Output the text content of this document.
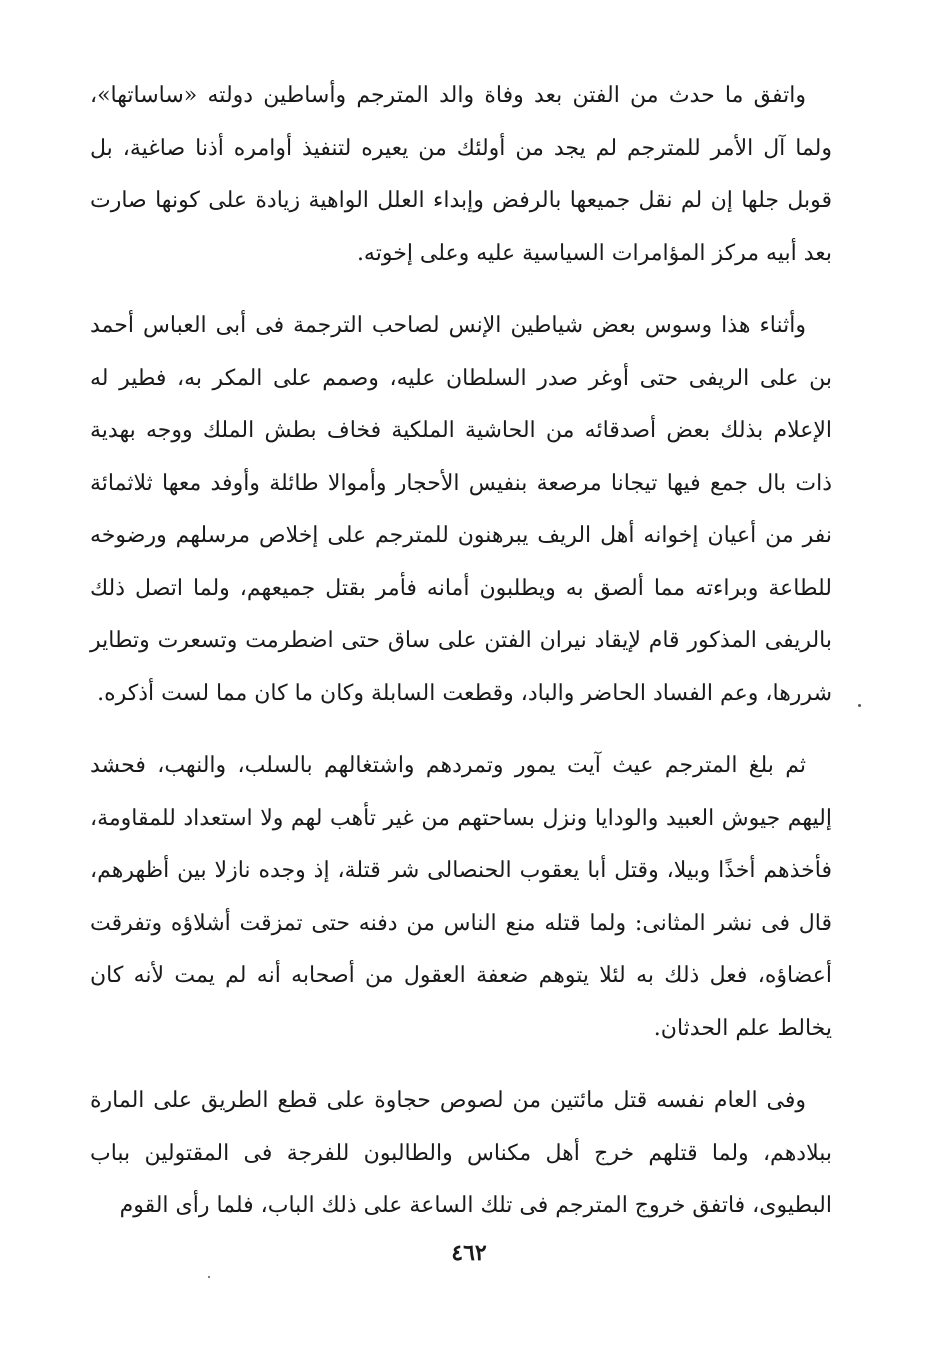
واتفق ما حدث من الفتن بعد وفاة والد المترجم وأساطين دولته «ساساتها»، ولما آل الأمر للمترجم لم يجد من أولئك من يعيره لتنفيذ أوامره أذنا صاغية، بل قوبل جلها إن لم نقل جميعها بالرفض وإبداء العلل الواهية زيادة على كونها صارت بعد أبيه مركز المؤامرات السياسية عليه وعلى إخوته.

وأثناء هذا وسوس بعض شياطين الإنس لصاحب الترجمة فى أبى العباس أحمد بن على الريفى حتى أوغر صدر السلطان عليه، وصمم على المكر به، فطير له الإعلام بذلك بعض أصدقائه من الحاشية الملكية فخاف بطش الملك ووجه بهدية ذات بال جمع فيها تيجانا مرصعة بنفيس الأحجار وأموالا طائلة وأوفد معها ثلاثمائة نفر من أعيان إخوانه أهل الريف يبرهنون للمترجم على إخلاص مرسلهم ورضوخه للطاعة وبراءته مما ألصق به ويطلبون أمانه فأمر بقتل جميعهم، ولما اتصل ذلك بالريفى المذكور قام لإيقاد نيران الفتن على ساق حتى اضطرمت وتسعرت وتطاير شررها، وعم الفساد الحاضر والباد، وقطعت السابلة وكان ما كان مما لست أذكره.

ثم بلغ المترجم عيث آيت يمور وتمردهم واشتغالهم بالسلب، والنهب، فحشد إليهم جيوش العبيد والودايا ونزل بساحتهم من غير تأهب لهم ولا استعداد للمقاومة، فأخذهم أخذًا وبيلا، وقتل أبا يعقوب الحنصالى شر قتلة، إذ وجده نازلا بين أظهرهم، قال فى نشر المثانى: ولما قتله منع الناس من دفنه حتى تمزقت أشلاؤه وتفرقت أعضاؤه، فعل ذلك به لئلا يتوهم ضعفة العقول من أصحابه أنه لم يمت لأنه كان يخالط علم الحدثان.

وفى العام نفسه قتل مائتين من لصوص حجاوة على قطع الطريق على المارة ببلادهم، ولما قتلهم خرج أهل مكناس والطالبون للفرجة فى المقتولين بباب البطيوى، فاتفق خروج المترجم فى تلك الساعة على ذلك الباب، فلما رأى القوم

٤٦٢
